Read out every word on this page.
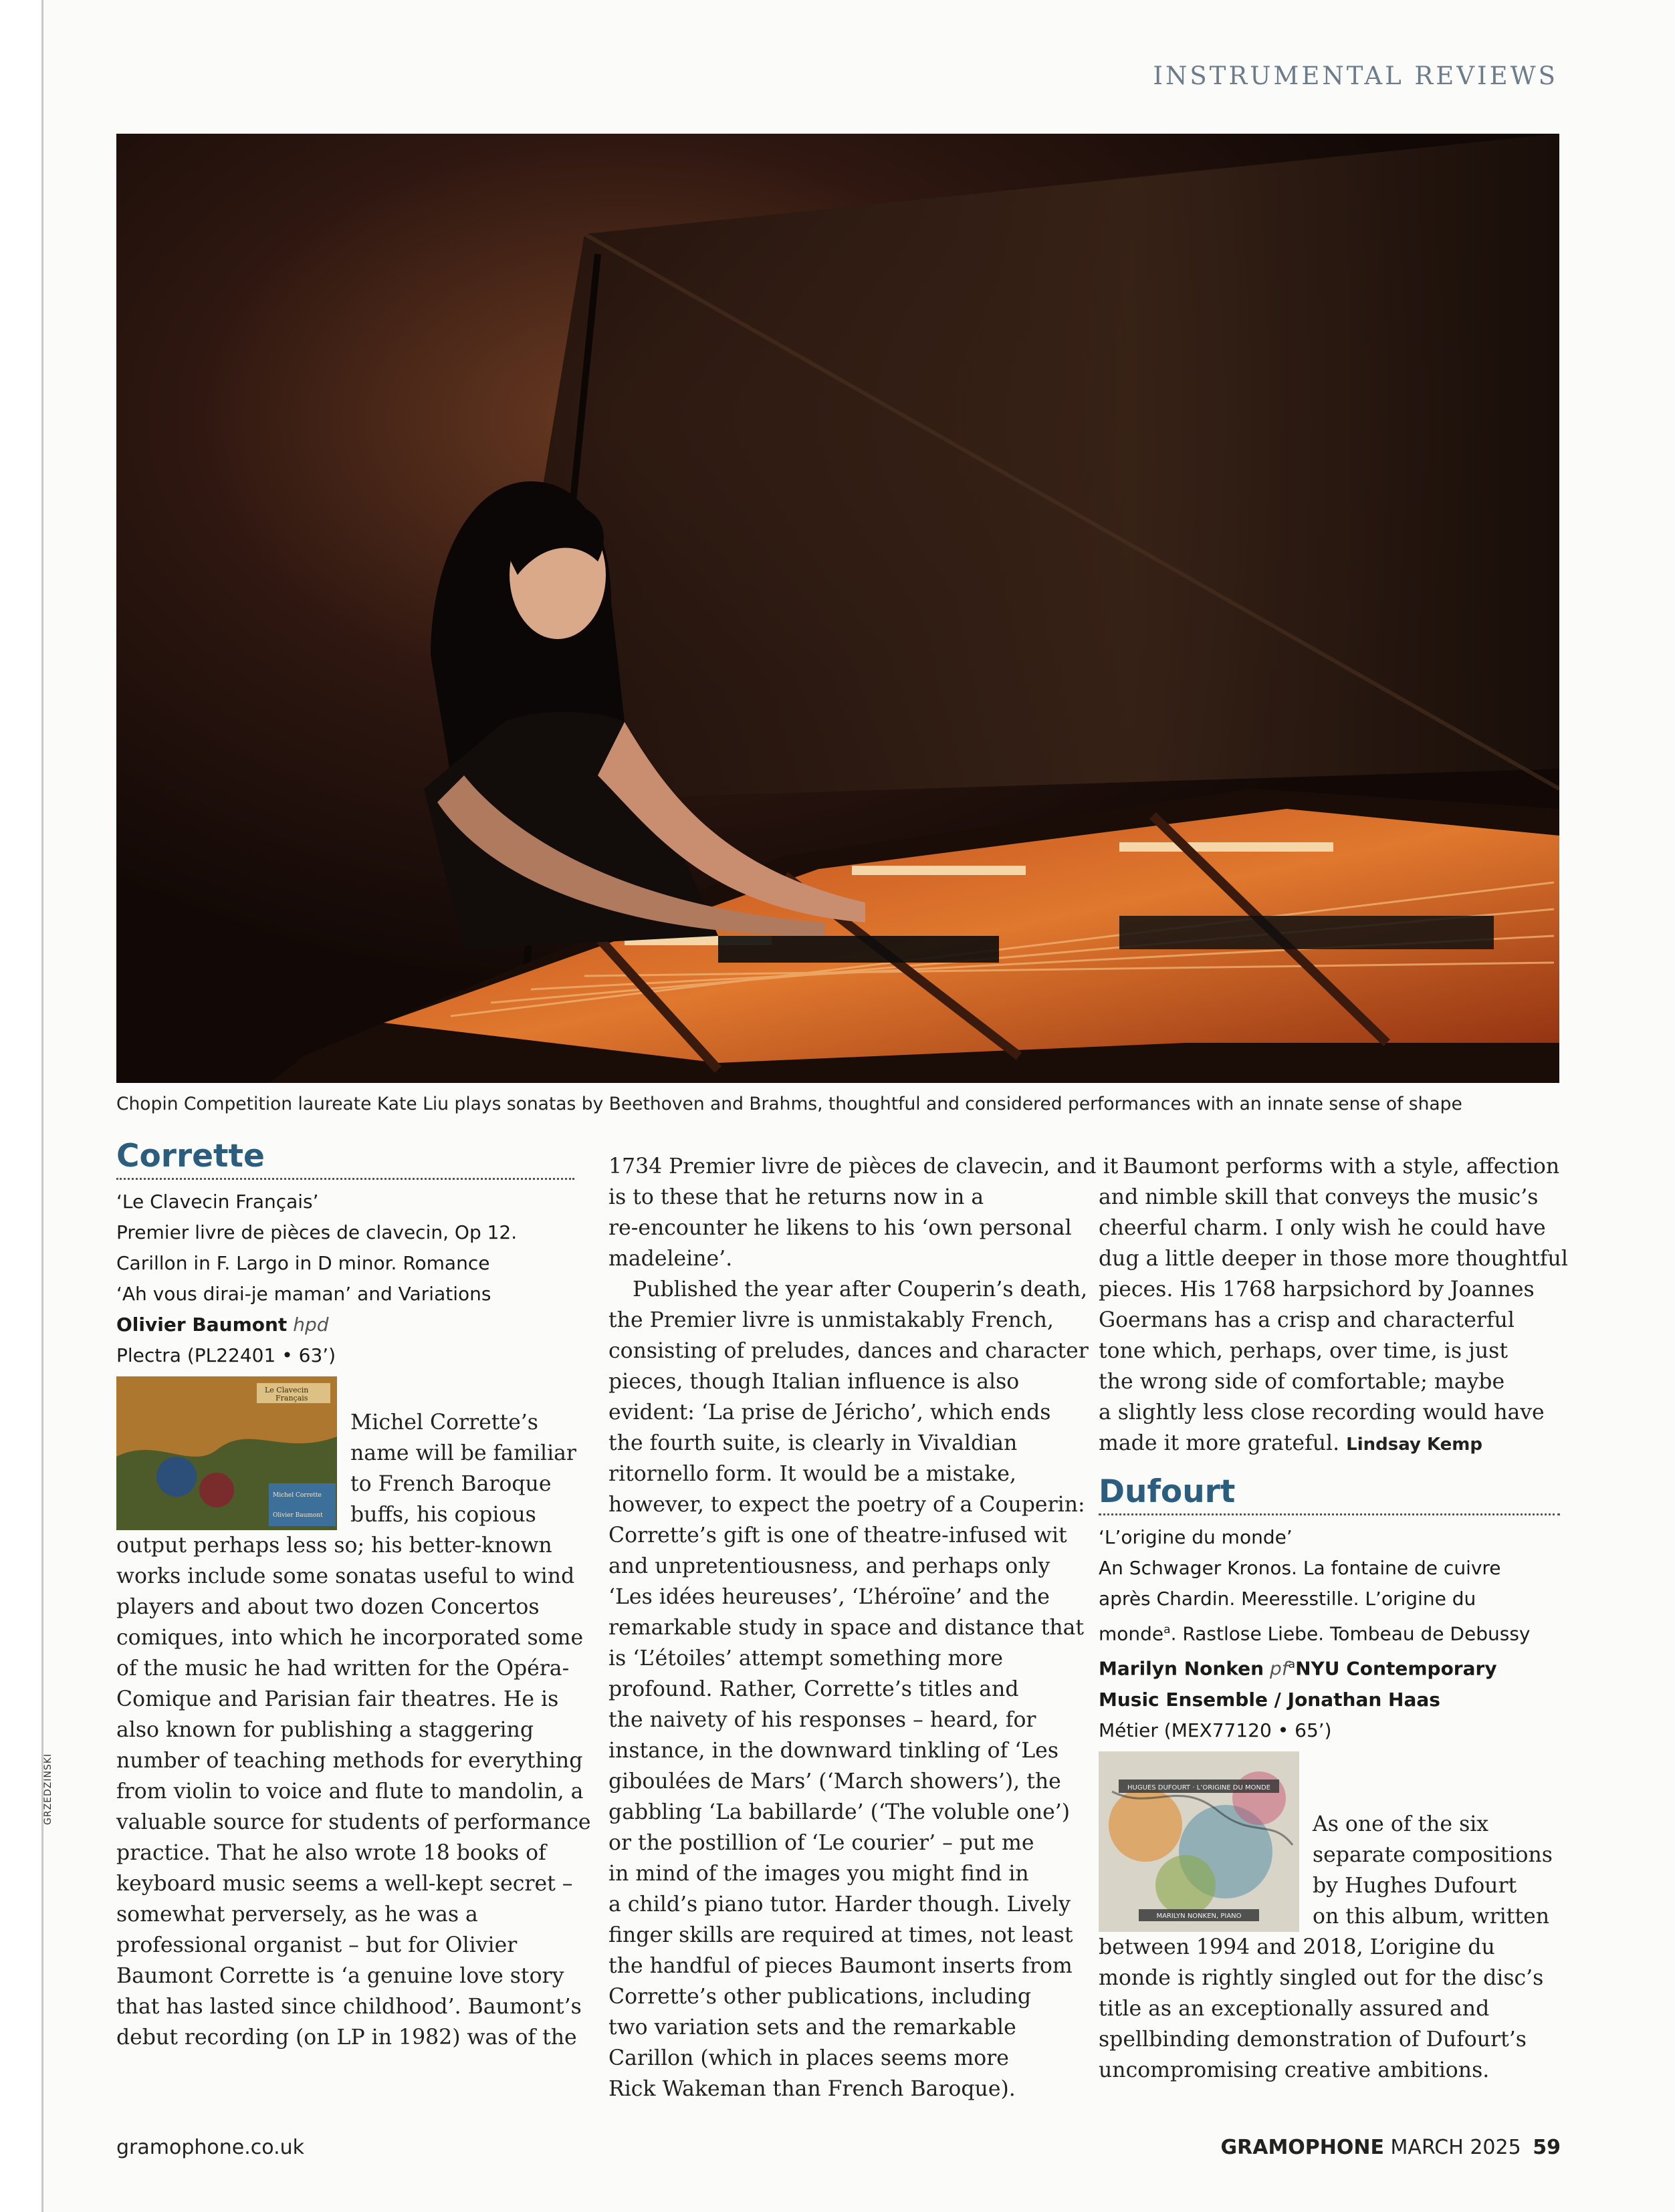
INSTRUMENTAL REVIEWS
Chopin Competition laureate Kate Liu plays sonatas by Beethoven and Brahms, thoughtful and considered performances with an innate sense of shape
GRZEDZINSKI
Corrette
‘Le Clavecin Français’
Premier livre de pièces de clavecin, Op 12.
Carillon in F. Largo in D minor. Romance
‘Ah vous dirai-je maman’ and Variations
Olivier Baumont hpd
Plectra (PL22401 • 63’)
Le Clavecin
Français
Michel Corrette
Olivier Baumont
Michel Corrette’s
name will be familiar
to French Baroque
buffs, his copious
output perhaps less so; his better-known
works include some sonatas useful to wind
players and about two dozen Concertos
comiques, into which he incorporated some
of the music he had written for the Opéra-
Comique and Parisian fair theatres. He is
also known for publishing a staggering
number of teaching methods for everything
from violin to voice and flute to mandolin, a
valuable source for students of performance
practice. That he also wrote 18 books of
keyboard music seems a well-kept secret –
somewhat perversely, as he was a
professional organist – but for Olivier
Baumont Corrette is ‘a genuine love story
that has lasted since childhood’. Baumont’s
debut recording (on LP in 1982) was of the
1734 Premier livre de pièces de clavecin, and it
is to these that he returns now in a
re-encounter he likens to his ‘own personal
madeleine’.
Published the year after Couperin’s death,
the Premier livre is unmistakably French,
consisting of preludes, dances and character
pieces, though Italian influence is also
evident: ‘La prise de Jéricho’, which ends
the fourth suite, is clearly in Vivaldian
ritornello form. It would be a mistake,
however, to expect the poetry of a Couperin:
Corrette’s gift is one of theatre-infused wit
and unpretentiousness, and perhaps only
‘Les idées heureuses’, ‘L’héroïne’ and the
remarkable study in space and distance that
is ‘L’étoiles’ attempt something more
profound. Rather, Corrette’s titles and
the naivety of his responses – heard, for
instance, in the downward tinkling of ‘Les
giboulées de Mars’ (‘March showers’), the
gabbling ‘La babillarde’ (‘The voluble one’)
or the postillion of ‘Le courier’ – put me
in mind of the images you might find in
a child’s piano tutor. Harder though. Lively
finger skills are required at times, not least
the handful of pieces Baumont inserts from
Corrette’s other publications, including
two variation sets and the remarkable
Carillon (which in places seems more
Rick Wakeman than French Baroque).
Baumont performs with a style, affection
and nimble skill that conveys the music’s
cheerful charm. I only wish he could have
dug a little deeper in those more thoughtful
pieces. His 1768 harpsichord by Joannes
Goermans has a crisp and characterful
tone which, perhaps, over time, is just
the wrong side of comfortable; maybe
a slightly less close recording would have
made it more grateful. Lindsay Kemp
Dufourt
‘L’origine du monde’
An Schwager Kronos. La fontaine de cuivre
après Chardin. Meeresstille. L’origine du
monde$^a$. Rastlose Liebe. Tombeau de Debussy
Marilyn Nonken $pf^aNYU$ Contemporary
Music Ensemble / Jonathan Haas
Métier (MEX77120 • 65’)
HUGUES DUFOURT · L’ORIGINE DU MONDE
MARILYN NONKEN, PIANO
As one of the six
separate compositions
by Hughes Dufourt
on this album, written
between 1994 and 2018, L’origine du
monde is rightly singled out for the disc’s
title as an exceptionally assured and
spellbinding demonstration of Dufourt’s
uncompromising creative ambitions.
gramophone.co.uk	GRAMOPHONE MARCH 2025 59
